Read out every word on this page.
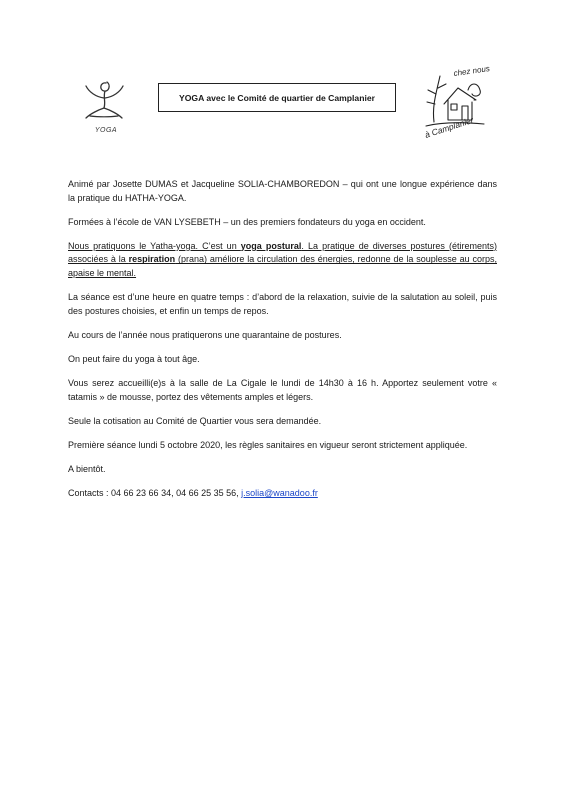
YOGA
YOGA avec le Comité de quartier de Camplanier
chez nous
à Camplanier

Animé par Josette DUMAS et Jacqueline SOLIA-CHAMBOREDON – qui ont une longue expérience dans la pratique du HATHA-YOGA.

Formées à l’école de VAN LYSEBETH – un des premiers fondateurs du yoga en occident.

Nous pratiquons le Yatha-yoga. C’est un yoga postural. La pratique de diverses postures (étirements) associées à la respiration (prana) améliore la circulation des énergies, redonne de la souplesse au corps, apaise le mental.

La séance est d’une heure en quatre temps : d’abord de la relaxation, suivie de la salutation au soleil, puis des postures choisies, et enfin un temps de repos.

Au cours de l’année nous pratiquerons une quarantaine de postures.

On peut faire du yoga à tout âge.

Vous serez accueilli(e)s à la salle de La Cigale le lundi de 14h30 à 16 h. Apportez seulement votre « tatamis » de mousse, portez des vêtements amples et légers.

Seule la cotisation au Comité de Quartier vous sera demandée.

Première séance lundi 5 octobre 2020, les règles sanitaires en vigueur seront strictement appliquée.

A bientôt.

Contacts : 04 66 23 66 34, 04 66 25 35 56, j.solia@wanadoo.fr
